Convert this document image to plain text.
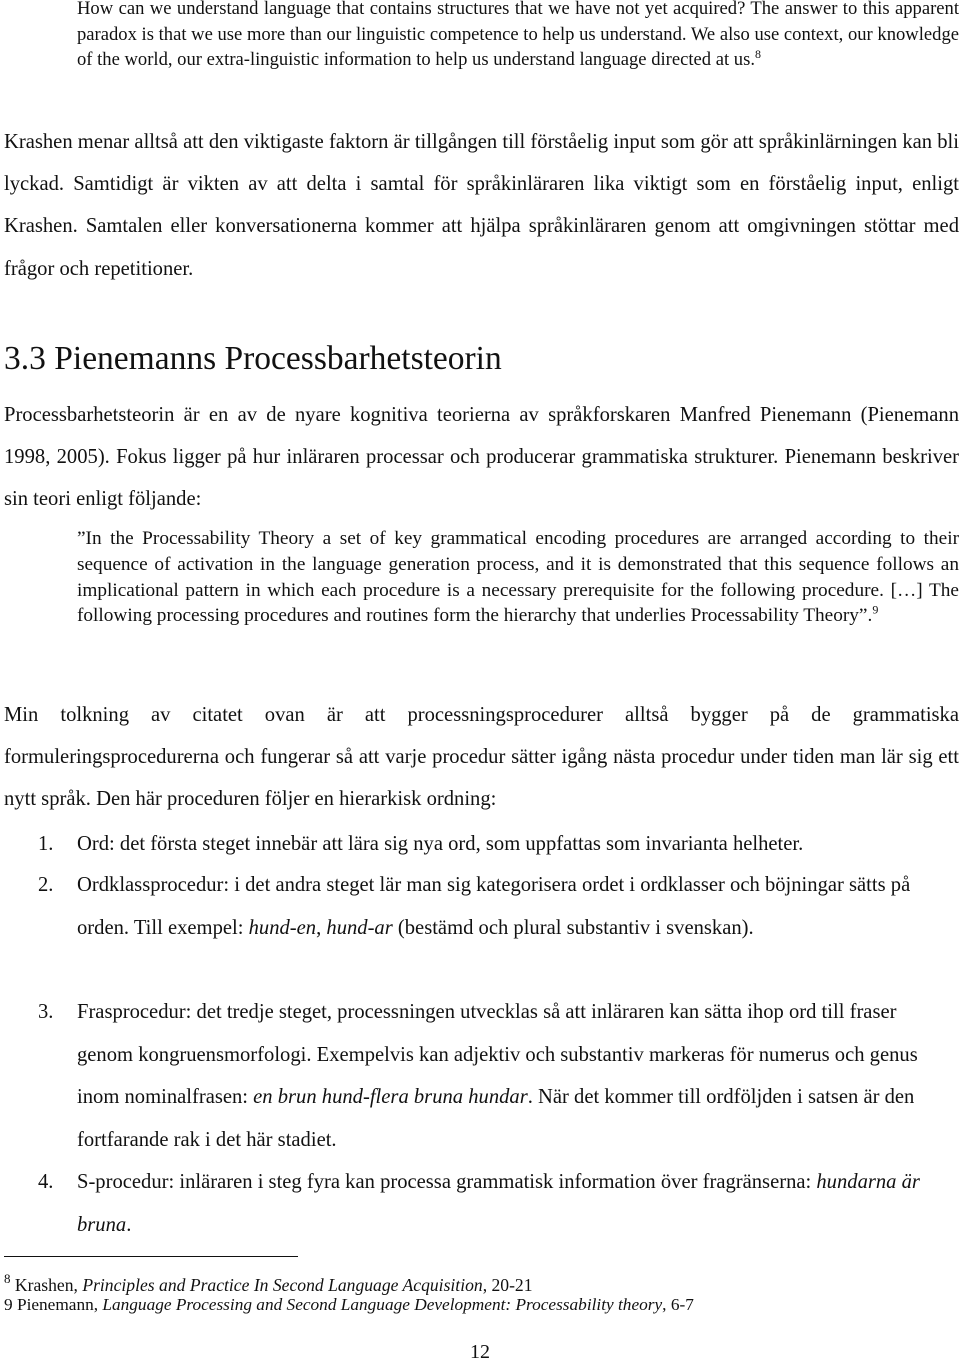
How can we understand language that contains structures that we have not yet acquired? The answer to this apparent paradox is that we use more than our linguistic competence to help us understand. We also use context, our knowledge of the world, our extra-linguistic information to help us understand language directed at us.$^8$

Krashen menar alltså att den viktigaste faktorn är tillgången till förståelig input som gör att språkinlärningen kan bli lyckad. Samtidigt är vikten av att delta i samtal för språkinläraren lika viktigt som en förståelig input, enligt Krashen. Samtalen eller konversationerna kommer att hjälpa språkinläraren genom att omgivningen stöttar med frågor och repetitioner.

3.3 Pienemanns Processbarhetsteorin

Processbarhetsteorin är en av de nyare kognitiva teorierna av språkforskaren Manfred Pienemann (Pienemann 1998, 2005). Fokus ligger på hur inläraren processar och producerar grammatiska strukturer. Pienemann beskriver sin teori enligt följande:

”In the Processability Theory a set of key grammatical encoding procedures are arranged according to their sequence of activation in the language generation process, and it is demonstrated that this sequence follows an implicational pattern in which each procedure is a necessary prerequisite for the following procedure. […] The following processing procedures and routines form the hierarchy that underlies Processability Theory”.$^9$

Min tolkning av citatet ovan är att processningsprocedurer alltså bygger på de grammatiska formuleringsprocedurerna och fungerar så att varje procedur sätter igång nästa procedur under tiden man lär sig ett nytt språk. Den här proceduren följer en hierarkisk ordning:

1. Ord: det första steget innebär att lära sig nya ord, som uppfattas som invarianta helheter.
2. Ordklassprocedur: i det andra steget lär man sig kategorisera ordet i ordklasser och böjningar sätts på orden. Till exempel: hund-en, hund-ar (bestämd och plural substantiv i svenskan).
3. Frasprocedur: det tredje steget, processningen utvecklas så att inläraren kan sätta ihop ord till fraser genom kongruensmorfologi. Exempelvis kan adjektiv och substantiv markeras för numerus och genus inom nominalfrasen: en brun hund-flera bruna hundar. När det kommer till ordföljden i satsen är den fortfarande rak i det här stadiet.
4. S-procedur: inläraren i steg fyra kan processa grammatisk information över fragränserna: hundarna är bruna.

$^8$ Krashen, Principles and Practice In Second Language Acquisition, 20-21

9 Pienemann, Language Processing and Second Language Development: Processability theory, 6-7

12
